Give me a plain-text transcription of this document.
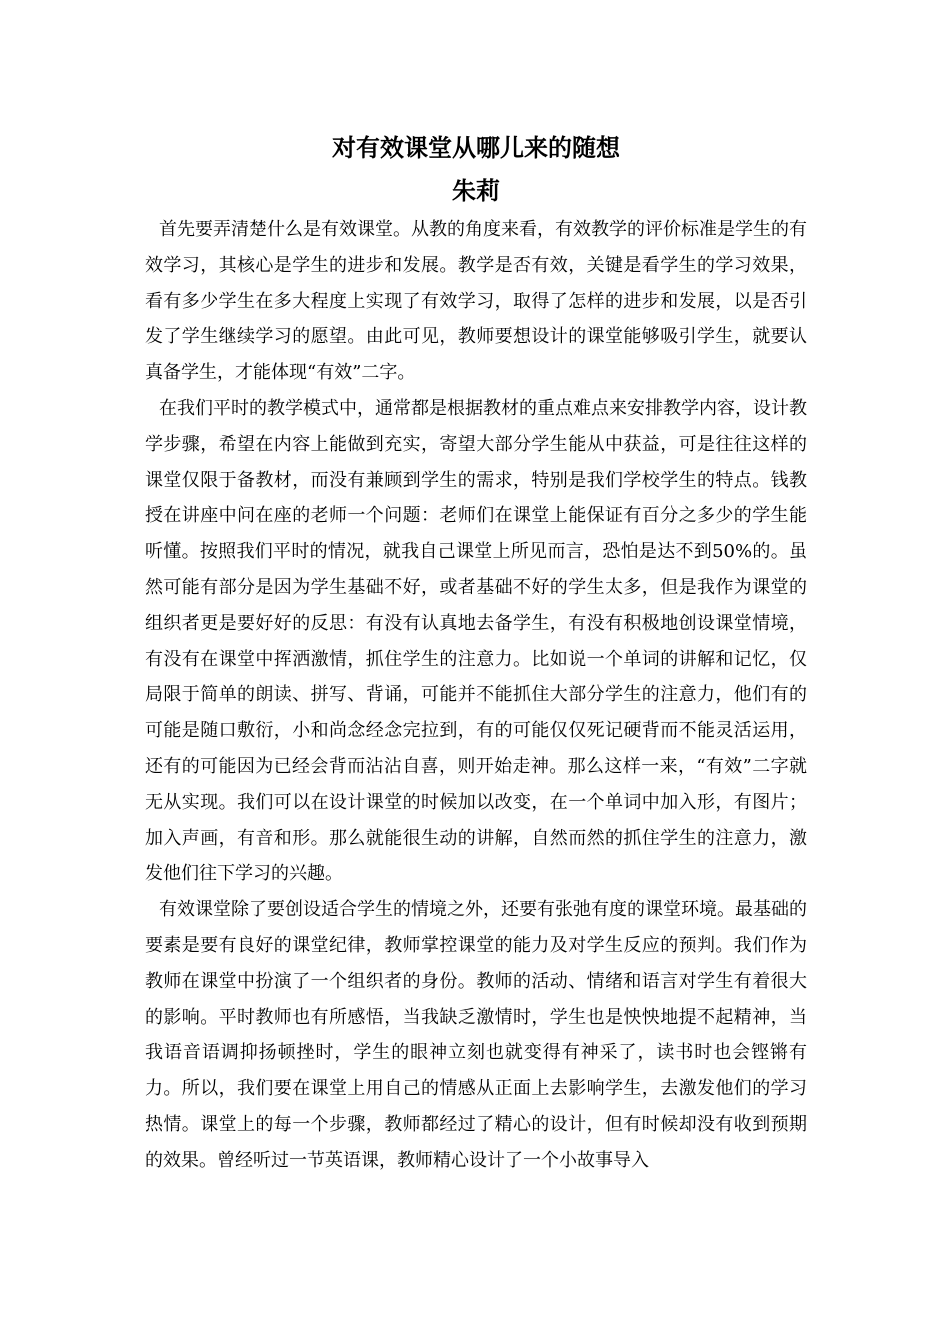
对有效课堂从哪儿来的随想
朱莉

首先要弄清楚什么是有效课堂。从教的角度来看，有效教学的评价标准是学生的有效学习，其核心是学生的进步和发展。教学是否有效，关键是看学生的学习效果，看有多少学生在多大程度上实现了有效学习，取得了怎样的进步和发展，以是否引发了学生继续学习的愿望。由此可见，教师要想设计的课堂能够吸引学生，就要认真备学生，才能体现“有效”二字。

在我们平时的教学模式中，通常都是根据教材的重点难点来安排教学内容，设计教学步骤，希望在内容上能做到充实，寄望大部分学生能从中获益，可是往往这样的课堂仅限于备教材，而没有兼顾到学生的需求，特别是我们学校学生的特点。钱教授在讲座中问在座的老师一个问题：老师们在课堂上能保证有百分之多少的学生能听懂。按照我们平时的情况，就我自己课堂上所见而言，恐怕是达不到50%的。虽然可能有部分是因为学生基础不好，或者基础不好的学生太多，但是我作为课堂的组织者更是要好好的反思：有没有认真地去备学生，有没有积极地创设课堂情境，有没有在课堂中挥洒激情，抓住学生的注意力。比如说一个单词的讲解和记忆，仅局限于简单的朗读、拼写、背诵，可能并不能抓住大部分学生的注意力，他们有的可能是随口敷衍，小和尚念经念完拉到，有的可能仅仅死记硬背而不能灵活运用，还有的可能因为已经会背而沾沾自喜，则开始走神。那么这样一来，“有效”二字就无从实现。我们可以在设计课堂的时候加以改变，在一个单词中加入形，有图片；加入声画，有音和形。那么就能很生动的讲解，自然而然的抓住学生的注意力，激发他们往下学习的兴趣。

有效课堂除了要创设适合学生的情境之外，还要有张弛有度的课堂环境。最基础的要素是要有良好的课堂纪律，教师掌控课堂的能力及对学生反应的预判。我们作为教师在课堂中扮演了一个组织者的身份。教师的活动、情绪和语言对学生有着很大的影响。平时教师也有所感悟，当我缺乏激情时，学生也是怏怏地提不起精神，当我语音语调抑扬顿挫时，学生的眼神立刻也就变得有神采了，读书时也会铿锵有力。所以，我们要在课堂上用自己的情感从正面上去影响学生，去激发他们的学习热情。课堂上的每一个步骤，教师都经过了精心的设计，但有时候却没有收到预期的效果。曾经听过一节英语课，教师精心设计了一个小故事导入
